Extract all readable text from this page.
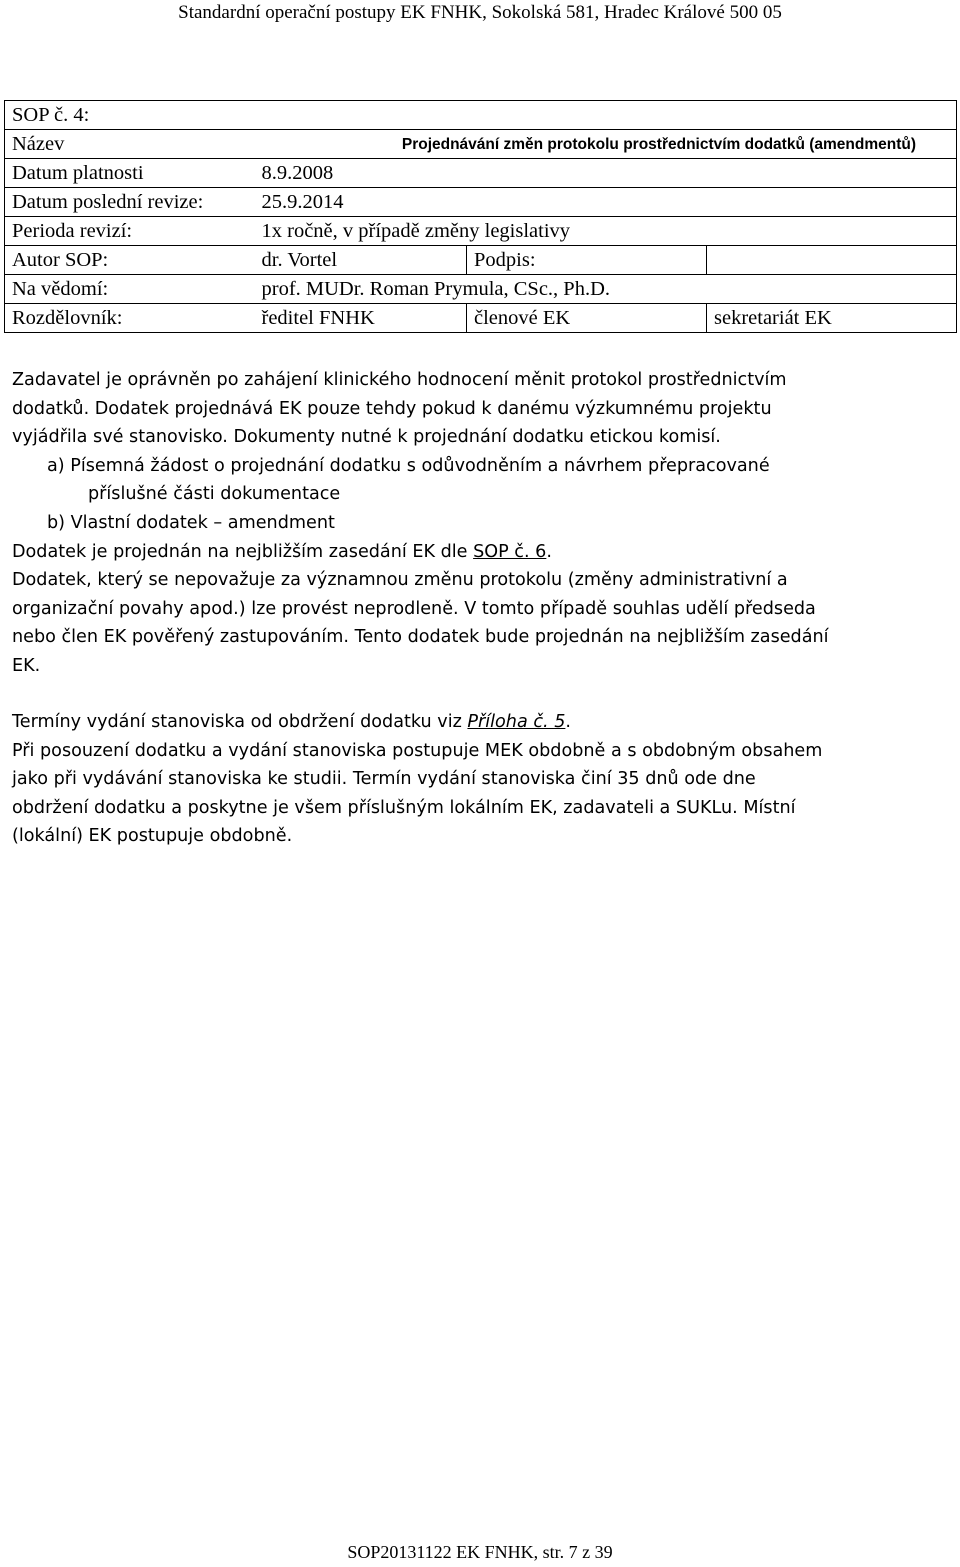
Standardní operační postupy EK FNHK, Sokolská 581, Hradec Králové 500 05
SOP č. 4:			
Název	Projednávání změn protokolu prostřednictvím dodatků (amendmentů)		
Datum platnosti	8.9.2008		
Datum poslední revize:	25.9.2014		
Perioda revizí:	1x ročně, v případě změny legislativy		
Autor SOP:	dr. Vortel	Podpis:	
Na vědomí:	prof. MUDr. Roman Prymula, CSc., Ph.D.		
Rozdělovník:	ředitel FNHK	členové EK	sekretariát EK

Zadavatel je oprávněn po zahájení klinického hodnocení měnit protokol prostřednictvím

dodatků. Dodatek projednává EK pouze tehdy pokud k danému výzkumnému projektu

vyjádřila své stanovisko. Dokumenty nutné k projednání dodatku etickou komisí.

a) Písemná žádost o projednání dodatku s odůvodněním a návrhem přepracované

příslušné části dokumentace

b) Vlastní dodatek – amendment

Dodatek je projednán na nejbližším zasedání EK dle SOP č. 6.

Dodatek, který se nepovažuje za významnou změnu protokolu (změny administrativní a

organizační povahy apod.) lze provést neprodleně. V tomto případě souhlas udělí předseda

nebo člen EK pověřený zastupováním. Tento dodatek bude projednán na nejbližším zasedání

EK.

Termíny vydání stanoviska od obdržení dodatku viz Příloha č. 5.

Při posouzení dodatku a vydání stanoviska postupuje MEK obdobně a s obdobným obsahem

jako při vydávání stanoviska ke studii. Termín vydání stanoviska činí 35 dnů ode dne

obdržení dodatku a poskytne je všem příslušným lokálním EK, zadavateli a SUKLu. Místní

(lokální) EK postupuje obdobně.

SOP20131122 EK FNHK, str. 7 z 39
